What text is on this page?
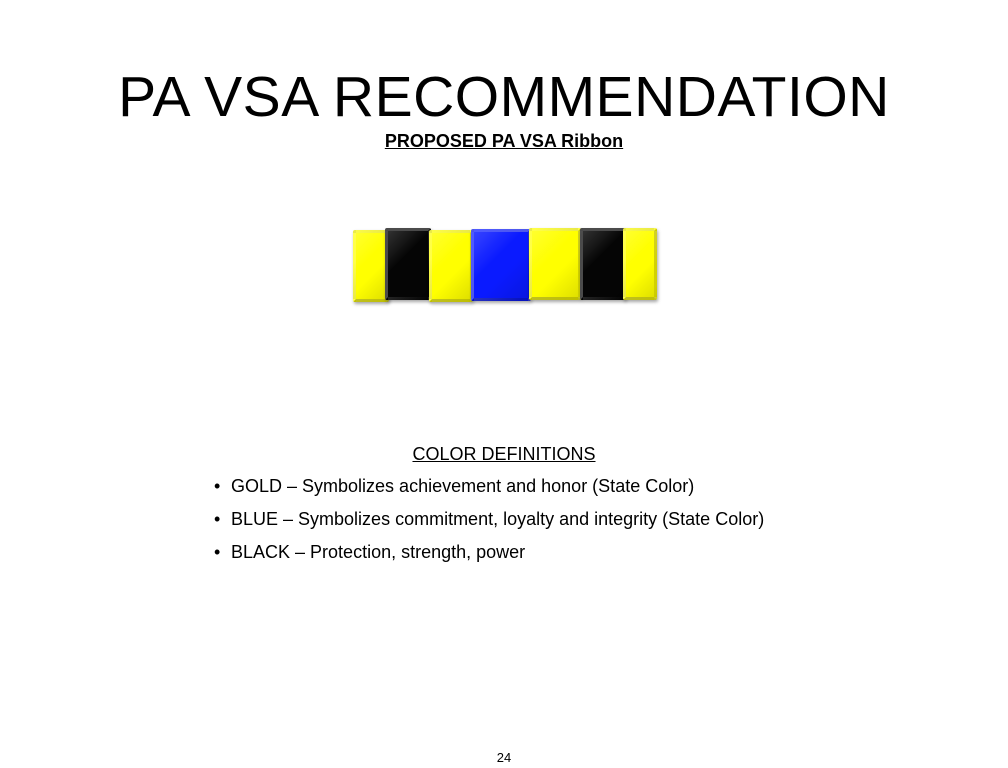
PA VSA RECOMMENDATION
PROPOSED PA VSA Ribbon
COLOR DEFINITIONS
• GOLD – Symbolizes achievement and honor (State Color)
• BLUE – Symbolizes commitment, loyalty and integrity (State Color)
• BLACK – Protection, strength, power
24
